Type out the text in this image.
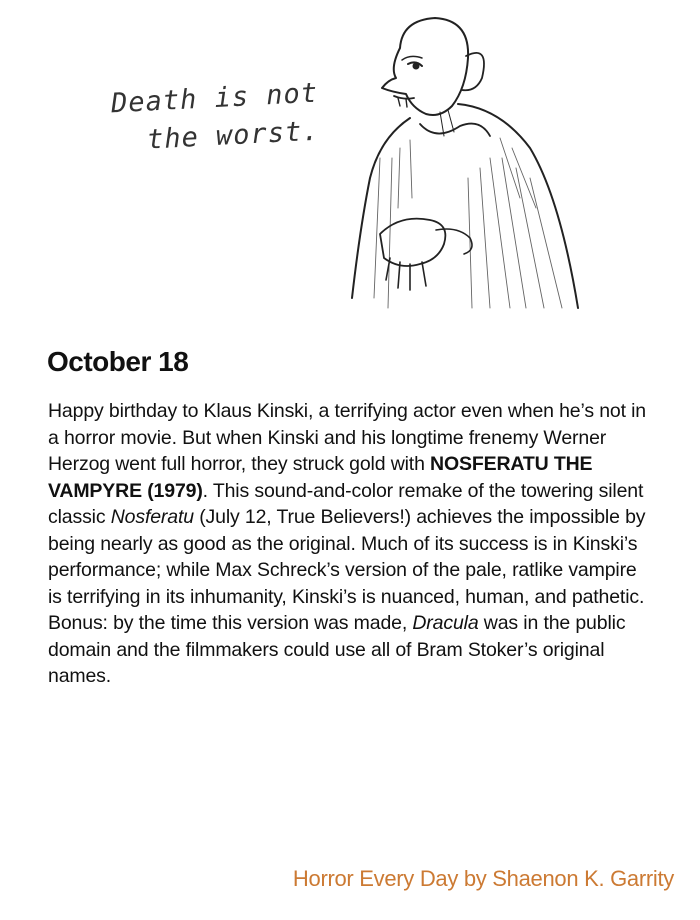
Death is not
the worst.
October 18

Happy birthday to Klaus Kinski, a terrifying actor even when he’s not in a horror movie. But when Kinski and his longtime frenemy Werner Herzog went full horror, they struck gold with NOSFERATU THE VAMPYRE (1979). This sound-and-color remake of the towering silent classic Nosferatu (July 12, True Believers!) achieves the impossible by being nearly as good as the original. Much of its success is in Kinski’s performance; while Max Schreck’s version of the pale, ratlike vampire is terrifying in its inhumanity, Kinski’s is nuanced, human, and pathetic. Bonus: by the time this version was made, Dracula was in the public domain and the filmmakers could use all of Bram Stoker’s original names.

Horror Every Day by Shaenon K. Garrity
